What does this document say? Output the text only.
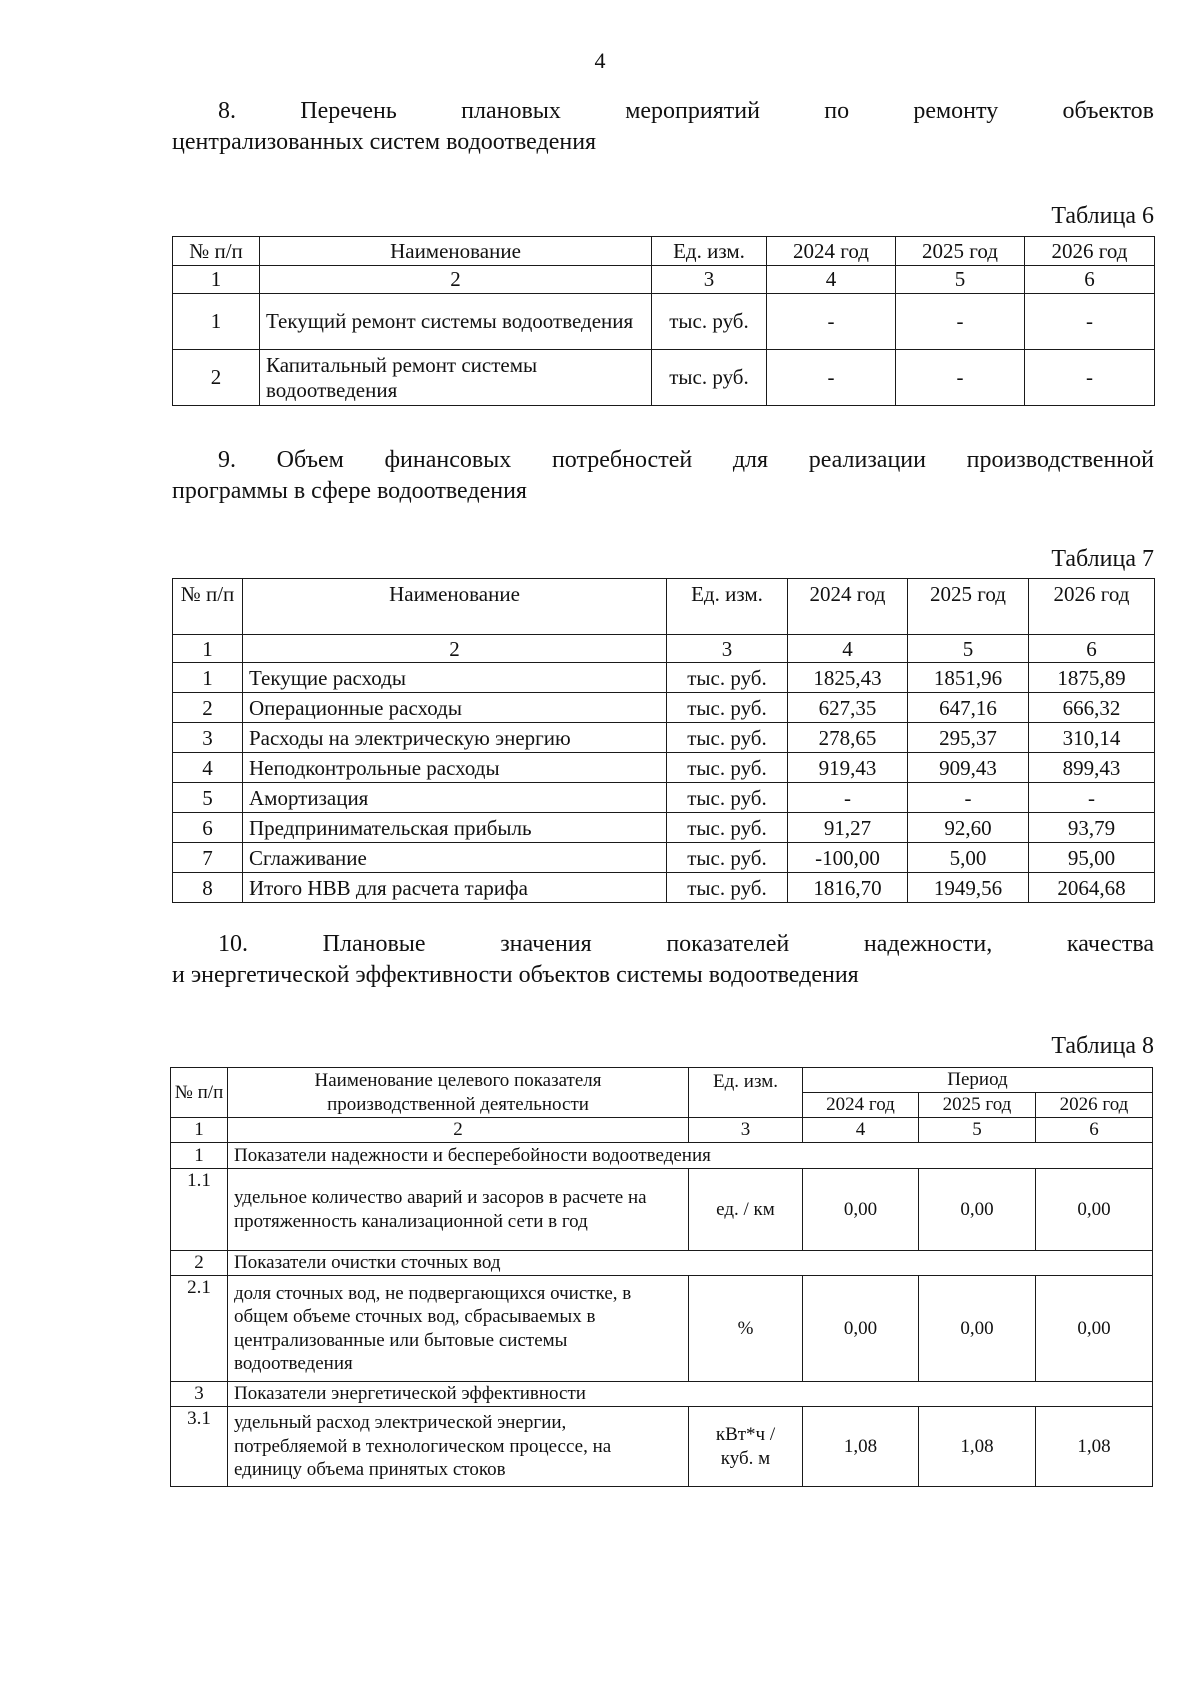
4
8. Перечень	плановых	мероприятий	по	ремонту	объектов
централизованных систем водоотведения
Таблица 6
№ п/п	Наименование	Ед. изм.	2024 год	2025 год	2026 год
1	2	3	4	5	6
1	Текущий ремонт системы водоотведения	тыс. руб.	-	-	-
2	Капитальный ремонт системы водоотведения	тыс. руб.	-	-	-
9. Объем финансовых потребностей для реализации производственной
программы в сфере водоотведения
Таблица 7
№ п/п	Наименование	Ед. изм.	2024 год	2025 год	2026 год
1	2	3	4	5	6
1	Текущие расходы	тыс. руб.	1825,43	1851,96	1875,89
2	Операционные расходы	тыс. руб.	627,35	647,16	666,32
3	Расходы на электрическую энергию	тыс. руб.	278,65	295,37	310,14
4	Неподконтрольные расходы	тыс. руб.	919,43	909,43	899,43
5	Амортизация	тыс. руб.	-	-	-
6	Предпринимательская прибыль	тыс. руб.	91,27	92,60	93,79
7	Сглаживание	тыс. руб.	-100,00	5,00	95,00
8	Итого НВВ для расчета тарифа	тыс. руб.	1816,70	1949,56	2064,68
10. Плановые	значения	показателей	надежности,	качества
и энергетической эффективности объектов системы водоотведения
Таблица 8
№ п/п	Наименование целевого показателя производственной деятельности	Ед. изм.	Период		
			2024 год	2025 год	2026 год
1	2	3	4	5	6
1	Показатели надежности и бесперебойности водоотведения				
1.1	удельное количество аварий и засоров в расчете на протяженность канализационной сети в год	ед. / км	0,00	0,00	0,00
2	Показатели очистки сточных вод				
2.1	доля сточных вод, не подвергающихся очистке, в общем объеме сточных вод, сбрасываемых в централизованные или бытовые системы водоотведения	%	0,00	0,00	0,00
3	Показатели энергетической эффективности				
3.1	удельный расход электрической энергии, потребляемой в технологическом процессе, на единицу объема принятых стоков	кВт*ч / куб. м	1,08	1,08	1,08
